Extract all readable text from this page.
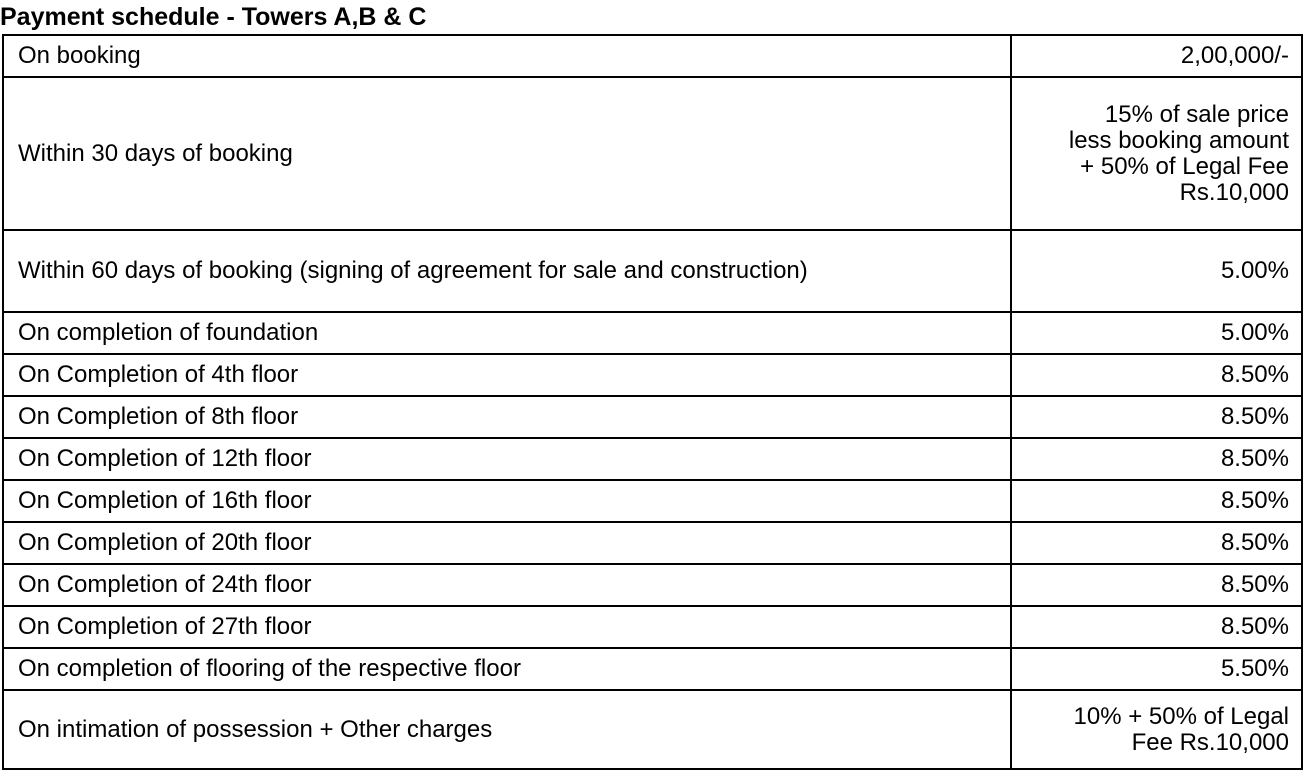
Payment schedule - Towers A,B & C
On booking	2,00,000/-

Within 30 days of booking	15% of sale price
less booking amount
+ 50% of Legal Fee
Rs.10,000

Within 60 days of booking (signing of agreement for sale and construction)	5.00%

On completion of foundation	5.00%

On Completion of 4th floor	8.50%

On Completion of 8th floor	8.50%

On Completion of 12th floor	8.50%

On Completion of 16th floor	8.50%

On Completion of 20th floor	8.50%

On Completion of 24th floor	8.50%

On Completion of 27th floor	8.50%

On completion of flooring of the respective floor	5.50%

On intimation of possession + Other charges	10% + 50% of Legal
Fee Rs.10,000
